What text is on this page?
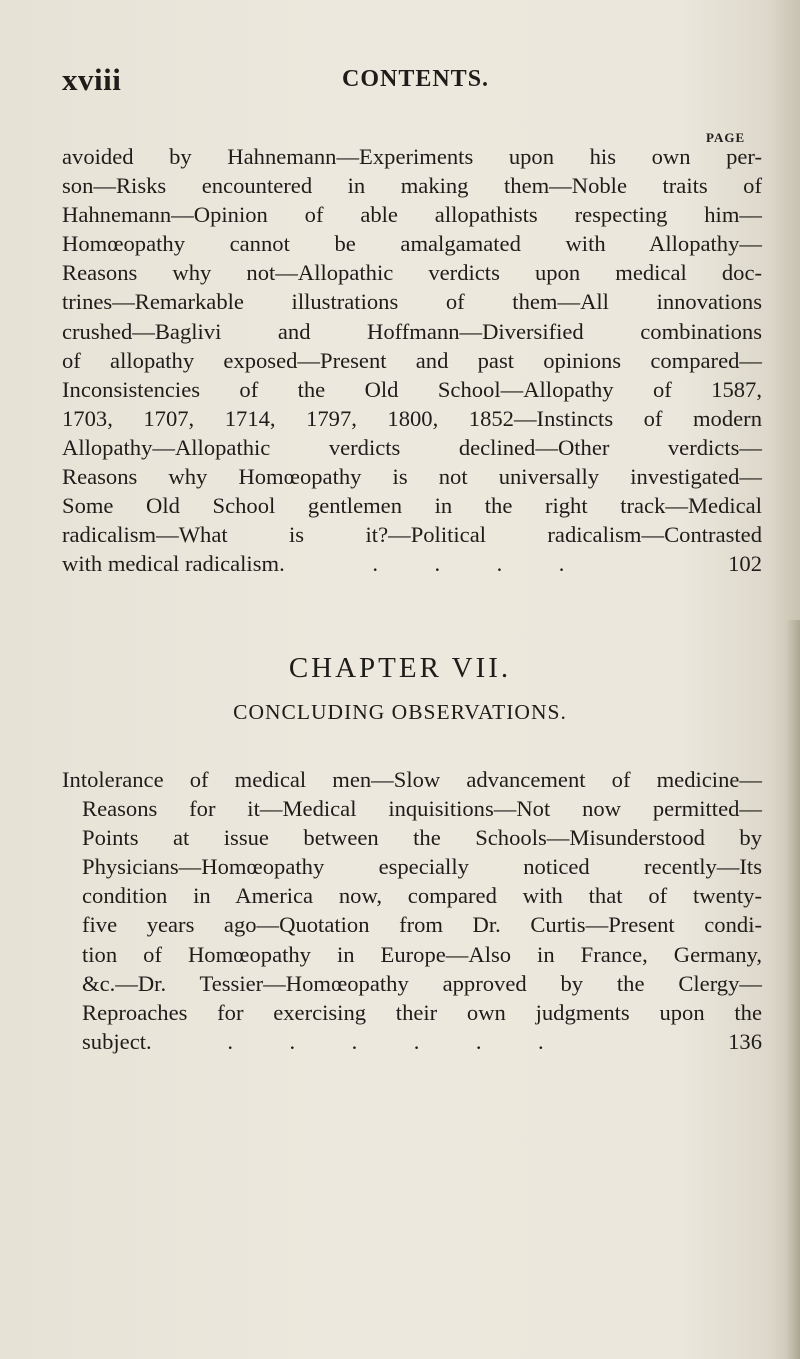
xviii	CONTENTS.
PAGE
avoided by Hahnemann—Experiments upon his own per-
son—Risks encountered in making them—Noble traits of
Hahnemann—Opinion of able allopathists respecting him—
Homœopathy cannot be amalgamated with Allopathy—
Reasons why not—Allopathic verdicts upon medical doc-
trines—Remarkable illustrations of them—All innovations
crushed—Baglivi and Hoffmann—Diversified combinations
of allopathy exposed—Present and past opinions compared—
Inconsistencies of the Old School—Allopathy of 1587,
1703, 1707, 1714, 1797, 1800, 1852—Instincts of modern
Allopathy—Allopathic verdicts declined—Other verdicts—
Reasons why Homœopathy is not universally investigated—
Some Old School gentlemen in the right track—Medical
radicalism—What is it?—Political radicalism—Contrasted
with medical radicalism.	.          .          .          .	102
CHAPTER VII.
CONCLUDING OBSERVATIONS.
Intolerance of medical men—Slow advancement of medicine—
Reasons for it—Medical inquisitions—Not now permitted—
Points at issue between the Schools—Misunderstood by
Physicians—Homœopathy especially noticed recently—Its
condition in America now, compared with that of twenty-
five years ago—Quotation from Dr. Curtis—Present condi-
tion of Homœopathy in Europe—Also in France, Germany,
&c.—Dr. Tessier—Homœopathy approved by the Clergy—
Reproaches for exercising their own judgments upon the
subject.	.          .          .          .          .          .	136
